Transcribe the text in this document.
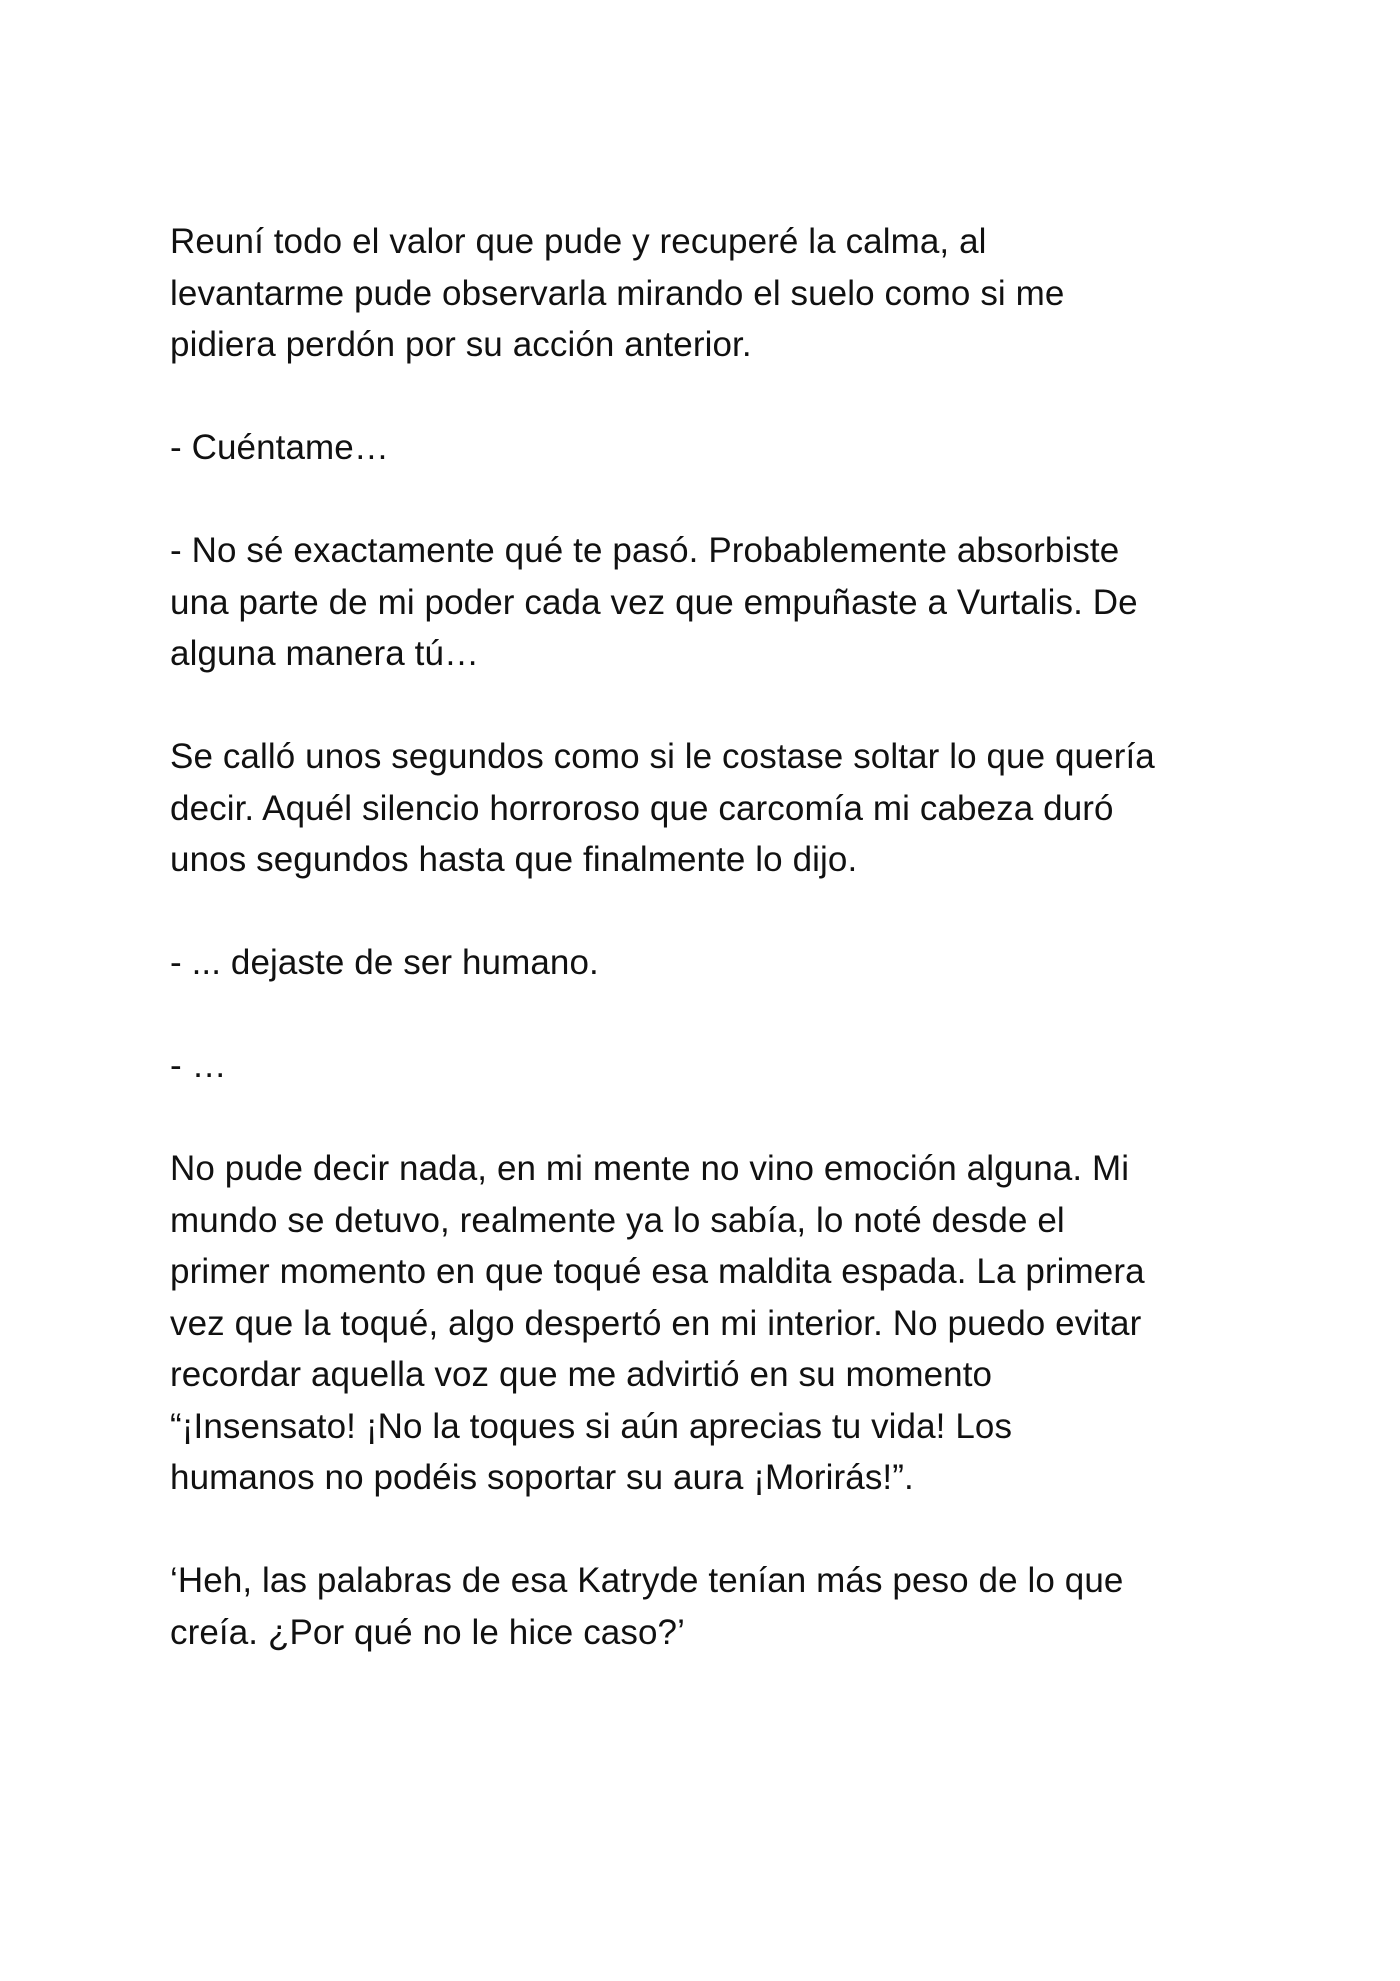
Reuní todo el valor que pude y recuperé la calma, al
levantarme pude observarla mirando el suelo como si me
pidiera perdón por su acción anterior.

- Cuéntame…

- No sé exactamente qué te pasó. Probablemente absorbiste
una parte de mi poder cada vez que empuñaste a Vurtalis. De
alguna manera tú…

Se calló unos segundos como si le costase soltar lo que quería
decir. Aquél silencio horroroso que carcomía mi cabeza duró
unos segundos hasta que finalmente lo dijo.

- ... dejaste de ser humano.

- …

No pude decir nada, en mi mente no vino emoción alguna. Mi
mundo se detuvo, realmente ya lo sabía, lo noté desde el
primer momento en que toqué esa maldita espada. La primera
vez que la toqué, algo despertó en mi interior. No puedo evitar
recordar aquella voz que me advirtió en su momento
“¡Insensato! ¡No la toques si aún aprecias tu vida! Los
humanos no podéis soportar su aura ¡Morirás!”.

‘Heh, las palabras de esa Katryde tenían más peso de lo que
creía. ¿Por qué no le hice caso?’
